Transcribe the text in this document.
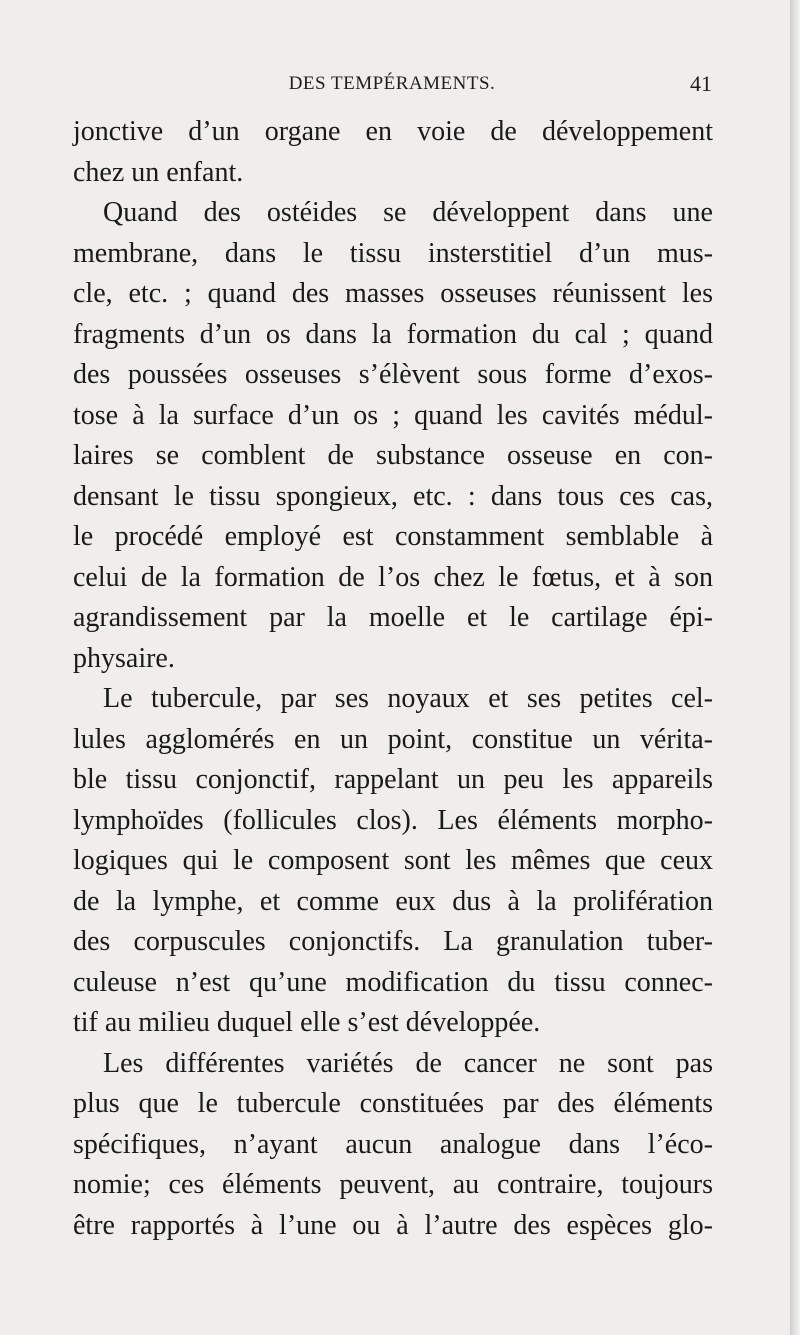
DES TEMPÉRAMENTS.	41

jonctive d’un organe en voie de développement
chez un enfant.

Quand des ostéides se développent dans une
membrane, dans le tissu insterstitiel d’un mus-
cle, etc. ; quand des masses osseuses réunissent les
fragments d’un os dans la formation du cal ; quand
des poussées osseuses s’élèvent sous forme d’exos-
tose à la surface d’un os ; quand les cavités médul-
laires se comblent de substance osseuse en con-
densant le tissu spongieux, etc. : dans tous ces cas,
le procédé employé est constamment semblable à
celui de la formation de l’os chez le fœtus, et à son
agrandissement par la moelle et le cartilage épi-
physaire.

Le tubercule, par ses noyaux et ses petites cel-
lules agglomérés en un point, constitue un vérita-
ble tissu conjonctif, rappelant un peu les appareils
lymphoïdes (follicules clos). Les éléments morpho-
logiques qui le composent sont les mêmes que ceux
de la lymphe, et comme eux dus à la prolifération
des corpuscules conjonctifs. La granulation tuber-
culeuse n’est qu’une modification du tissu connec-
tif au milieu duquel elle s’est développée.

Les différentes variétés de cancer ne sont pas
plus que le tubercule constituées par des éléments
spécifiques, n’ayant aucun analogue dans l’éco-
nomie; ces éléments peuvent, au contraire, toujours
être rapportés à l’une ou à l’autre des espèces glo-
